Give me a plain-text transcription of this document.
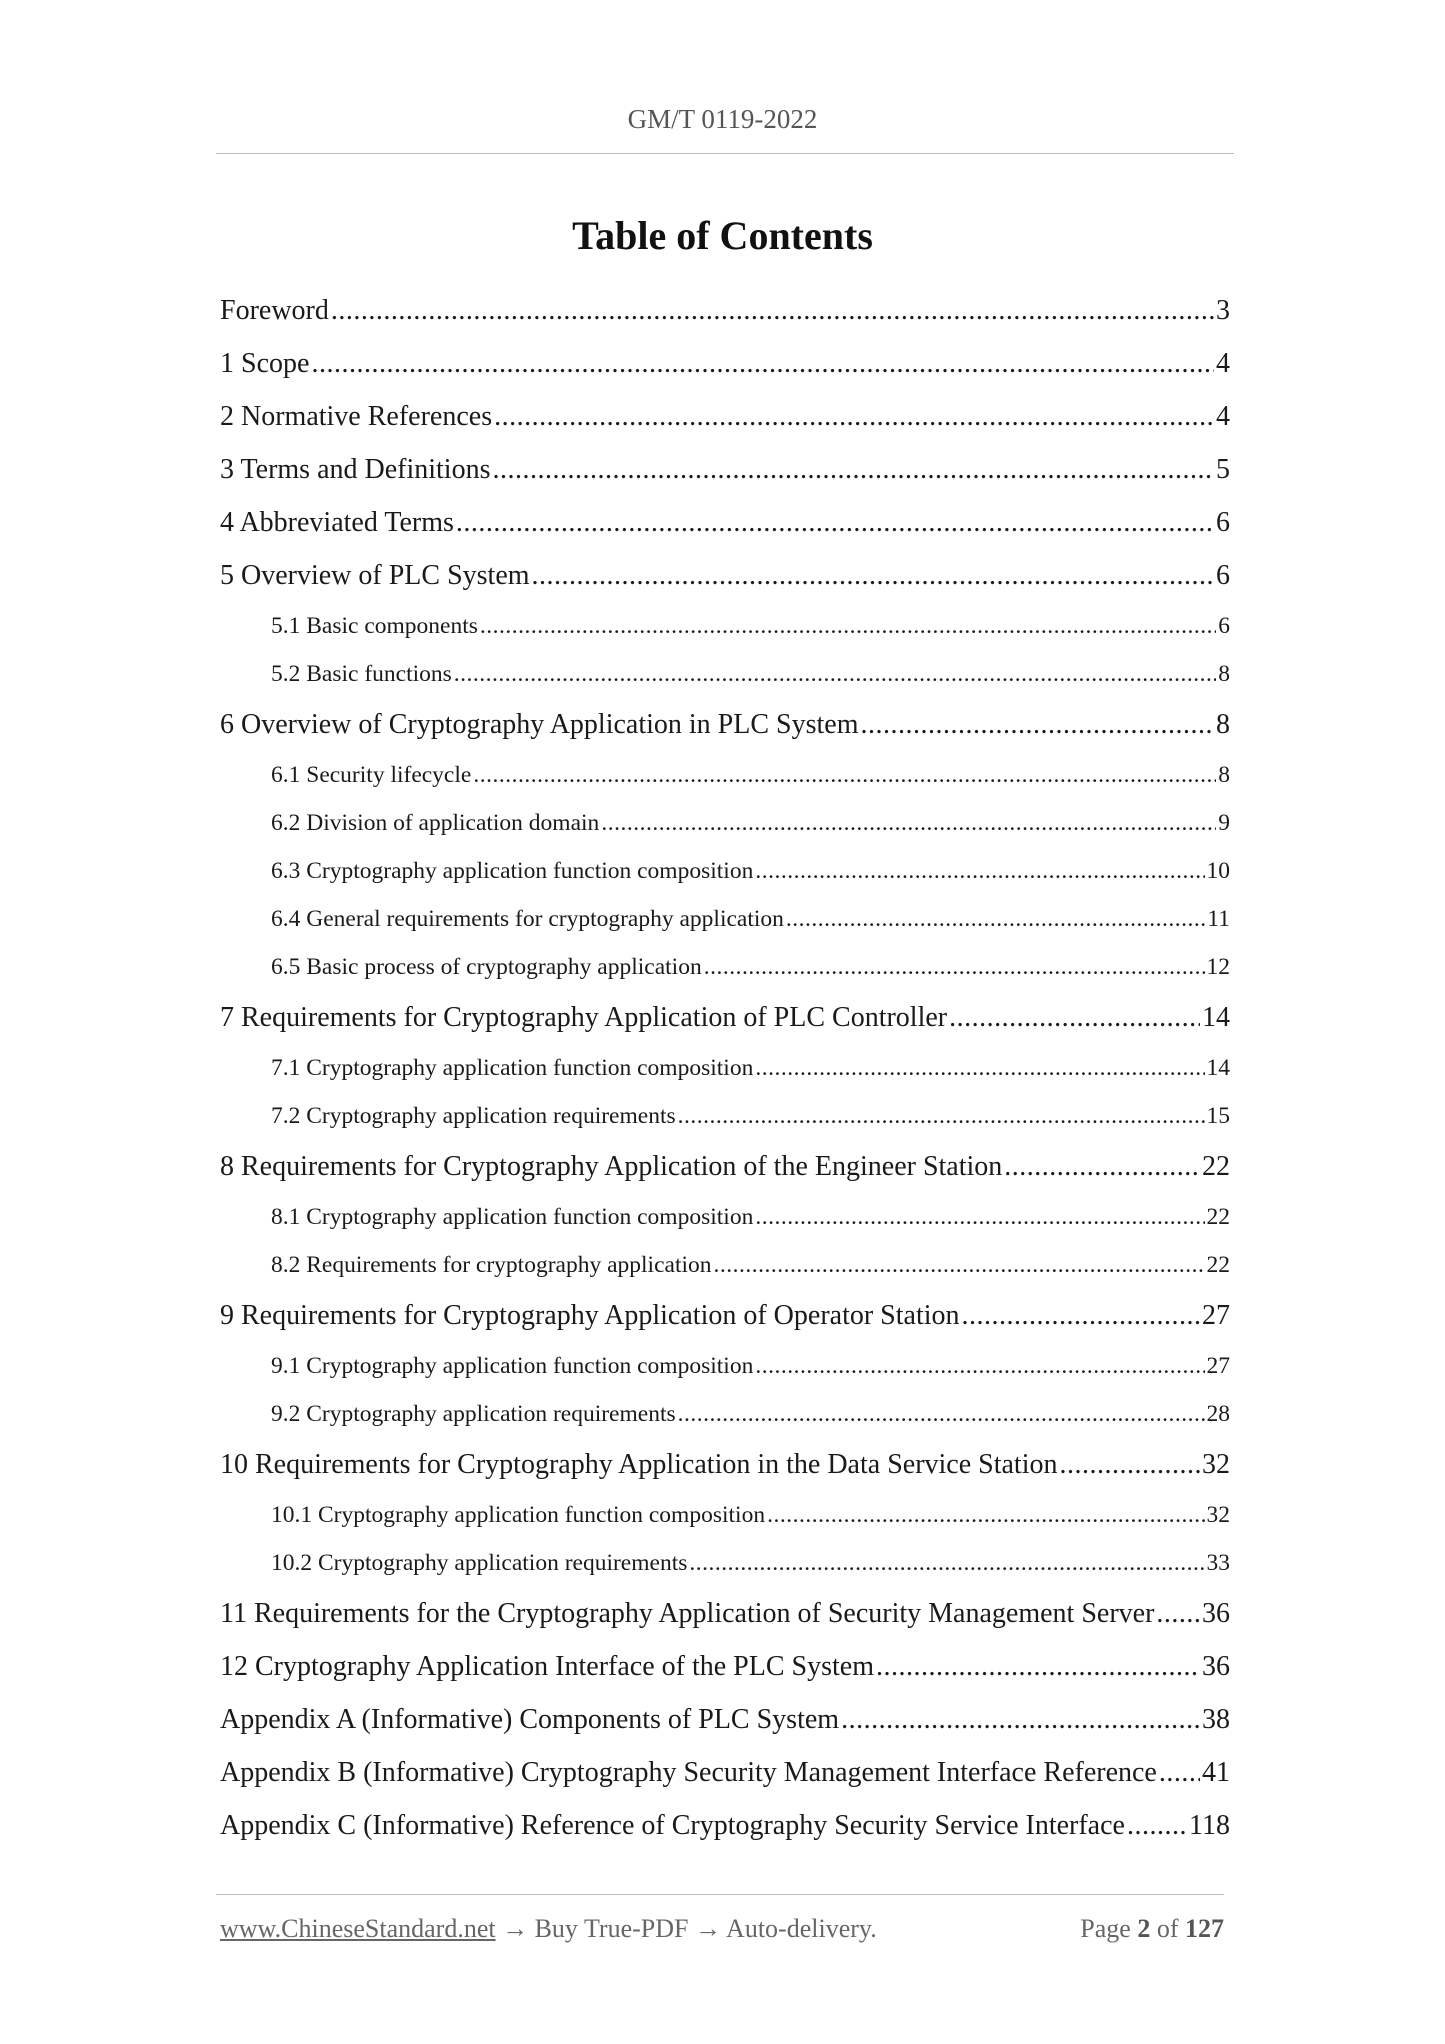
GM/T 0119-2022
Table of Contents
Foreword .....	3
1 Scope .....	4
2 Normative References .....	4
3 Terms and Definitions .....	5
4 Abbreviated Terms .....	6
5 Overview of PLC System .....	6
5.1 Basic components .....	6
5.2 Basic functions .....	8
6 Overview of Cryptography Application in PLC System .....	8
6.1 Security lifecycle .....	8
6.2 Division of application domain .....	9
6.3 Cryptography application function composition .....	10
6.4 General requirements for cryptography application .....	11
6.5 Basic process of cryptography application .....	12
7 Requirements for Cryptography Application of PLC Controller .....	14
7.1 Cryptography application function composition .....	14
7.2 Cryptography application requirements .....	15
8 Requirements for Cryptography Application of the Engineer Station .....	22
8.1 Cryptography application function composition .....	22
8.2 Requirements for cryptography application .....	22
9 Requirements for Cryptography Application of Operator Station .....	27
9.1 Cryptography application function composition .....	27
9.2 Cryptography application requirements .....	28
10 Requirements for Cryptography Application in the Data Service Station .....	32
10.1 Cryptography application function composition .....	32
10.2 Cryptography application requirements .....	33
11 Requirements for the Cryptography Application of Security Management Server ..... 36
12 Cryptography Application Interface of the PLC System .....	36
Appendix A (Informative) Components of PLC System .....	38
Appendix B (Informative) Cryptography Security Management Interface Reference ..... 41
Appendix C (Informative) Reference of Cryptography Security Service Interface ..... 118
www.ChineseStandard.net → Buy True-PDF → Auto-delivery.	Page 2 of 127
